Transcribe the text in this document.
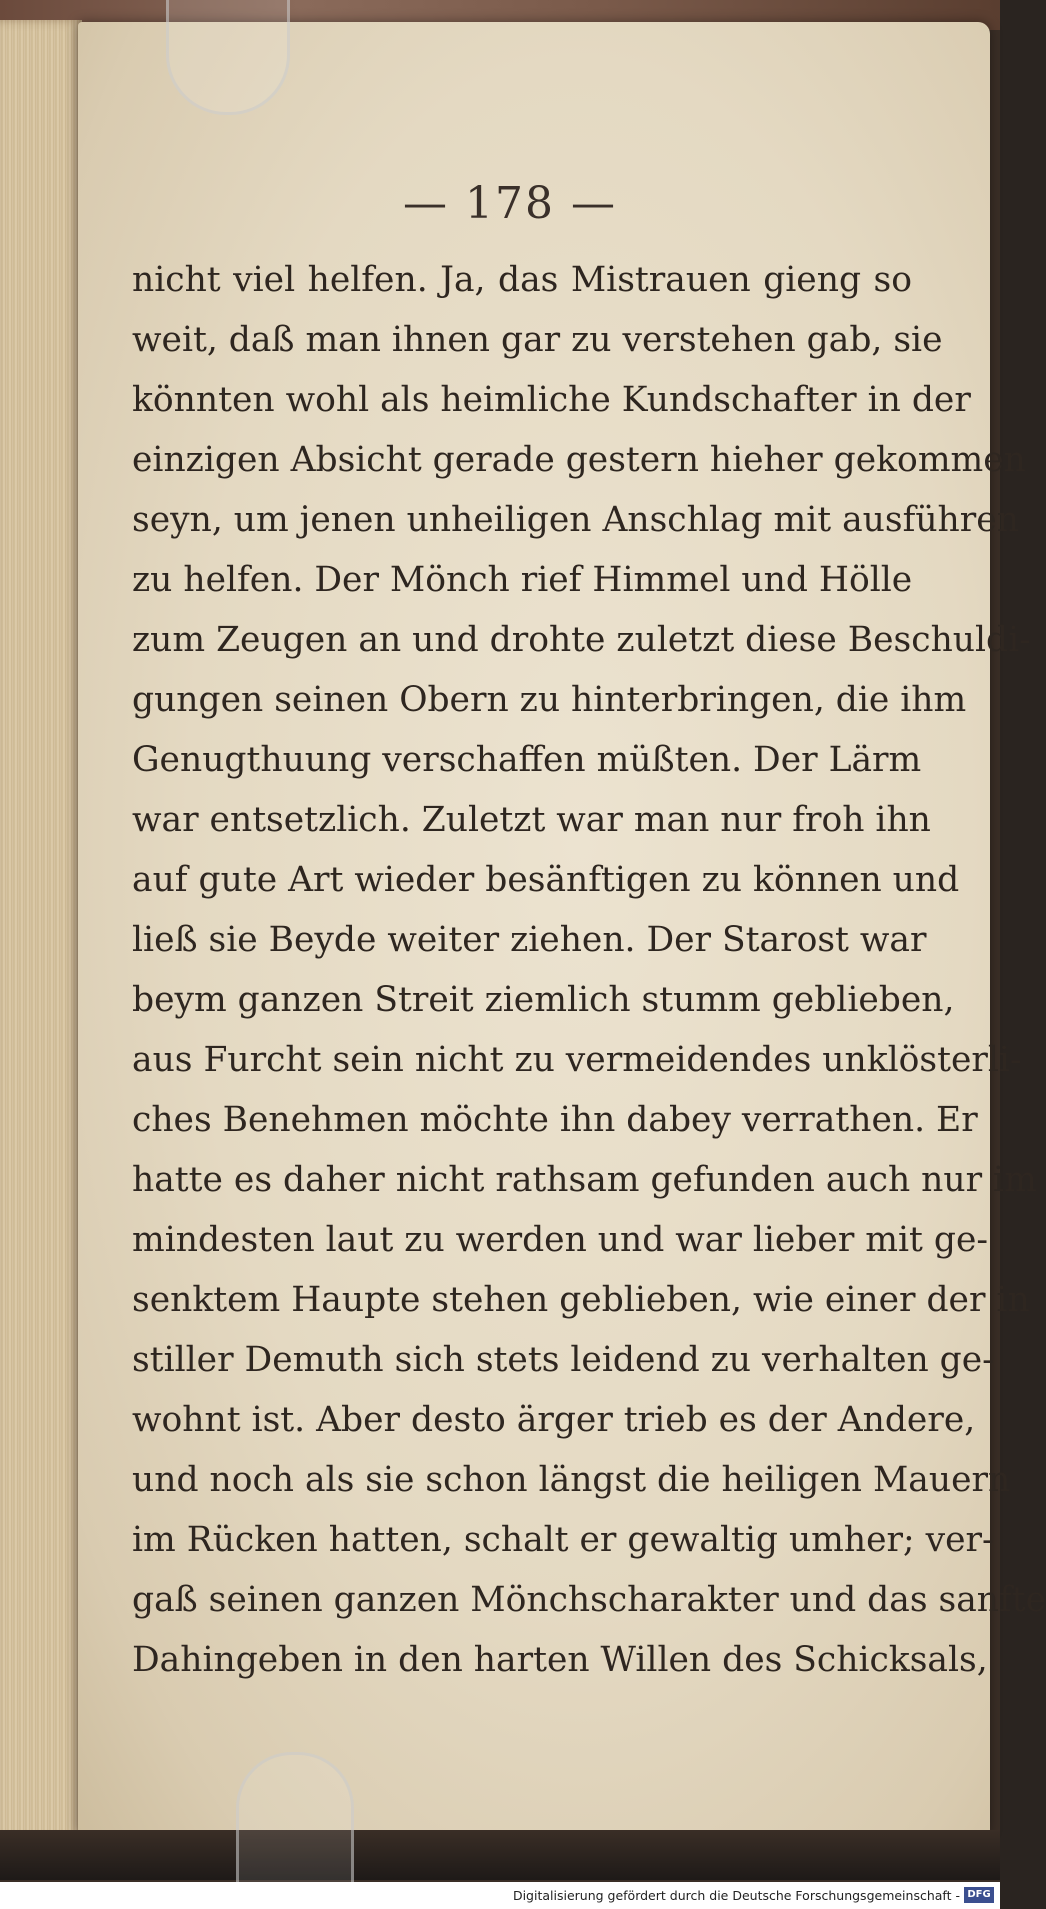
— 178 —
nicht viel helfen. Ja, das Mistrauen gieng so
weit, daß man ihnen gar zu verstehen gab, sie
könnten wohl als heimliche Kundschafter in der
einzigen Absicht gerade gestern hieher gekommen
seyn, um jenen unheiligen Anschlag mit ausführen
zu helfen. Der Mönch rief Himmel und Hölle
zum Zeugen an und drohte zuletzt diese Beschuldi-
gungen seinen Obern zu hinterbringen, die ihm
Genugthuung verschaffen müßten. Der Lärm
war entsetzlich. Zuletzt war man nur froh ihn
auf gute Art wieder besänftigen zu können und
ließ sie Beyde weiter ziehen. Der Starost war
beym ganzen Streit ziemlich stumm geblieben,
aus Furcht sein nicht zu vermeidendes unklösterli-
ches Benehmen möchte ihn dabey verrathen. Er
hatte es daher nicht rathsam gefunden auch nur im
mindesten laut zu werden und war lieber mit ge-
senktem Haupte stehen geblieben, wie einer der in
stiller Demuth sich stets leidend zu verhalten ge-
wohnt ist. Aber desto ärger trieb es der Andere,
und noch als sie schon längst die heiligen Mauern
im Rücken hatten, schalt er gewaltig umher; ver-
gaß seinen ganzen Mönchscharakter und das sanfte
Dahingeben in den harten Willen des Schicksals,
Digitalisierung gefördert durch die Deutsche Forschungsgemeinschaft - DFG
